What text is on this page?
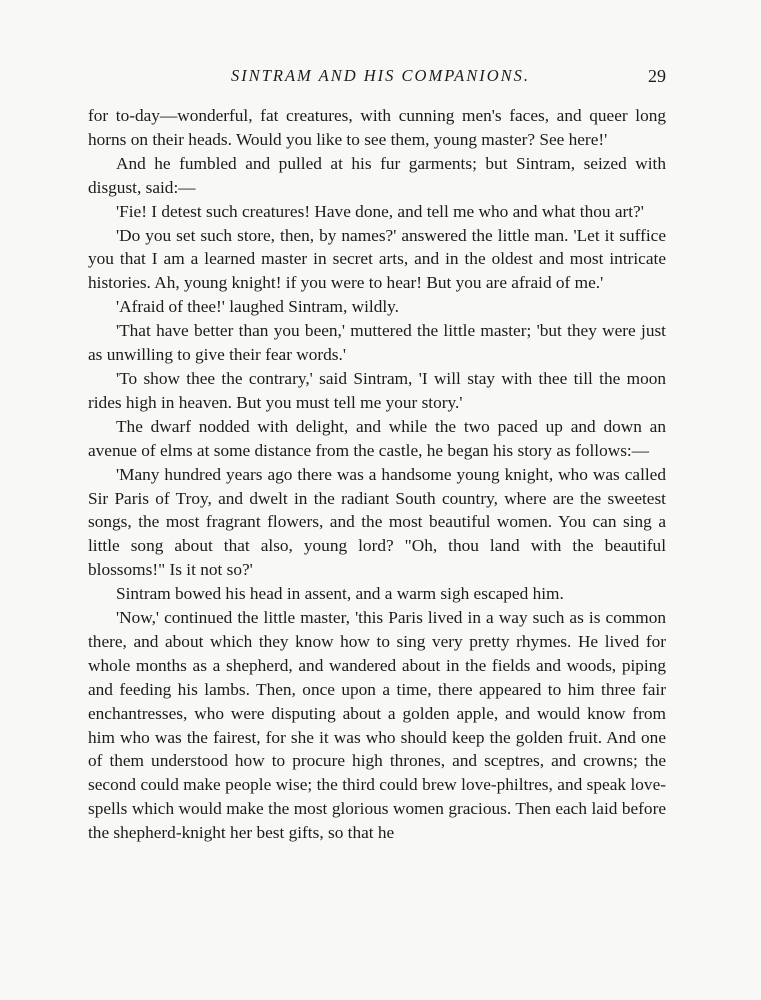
SINTRAM AND HIS COMPANIONS.	29

for to-day—wonderful, fat creatures, with cunning men's faces, and queer long horns on their heads. Would you like to see them, young master? See here!'

And he fumbled and pulled at his fur garments; but Sintram, seized with disgust, said:—

'Fie! I detest such creatures! Have done, and tell me who and what thou art?'

'Do you set such store, then, by names?' answered the little man. 'Let it suffice you that I am a learned master in secret arts, and in the oldest and most intricate histories. Ah, young knight! if you were to hear! But you are afraid of me.'

'Afraid of thee!' laughed Sintram, wildly.

'That have better than you been,' muttered the little master; 'but they were just as unwilling to give their fear words.'

'To show thee the contrary,' said Sintram, 'I will stay with thee till the moon rides high in heaven. But you must tell me your story.'

The dwarf nodded with delight, and while the two paced up and down an avenue of elms at some distance from the castle, he began his story as follows:—

'Many hundred years ago there was a handsome young knight, who was called Sir Paris of Troy, and dwelt in the radiant South country, where are the sweetest songs, the most fragrant flowers, and the most beautiful women. You can sing a little song about that also, young lord? "Oh, thou land with the beautiful blossoms!" Is it not so?'

Sintram bowed his head in assent, and a warm sigh escaped him.

'Now,' continued the little master, 'this Paris lived in a way such as is common there, and about which they know how to sing very pretty rhymes. He lived for whole months as a shepherd, and wandered about in the fields and woods, piping and feeding his lambs. Then, once upon a time, there appeared to him three fair enchantresses, who were disputing about a golden apple, and would know from him who was the fairest, for she it was who should keep the golden fruit. And one of them understood how to procure high thrones, and sceptres, and crowns; the second could make people wise; the third could brew love-philtres, and speak love-spells which would make the most glorious women gracious. Then each laid before the shepherd-knight her best gifts, so that he
